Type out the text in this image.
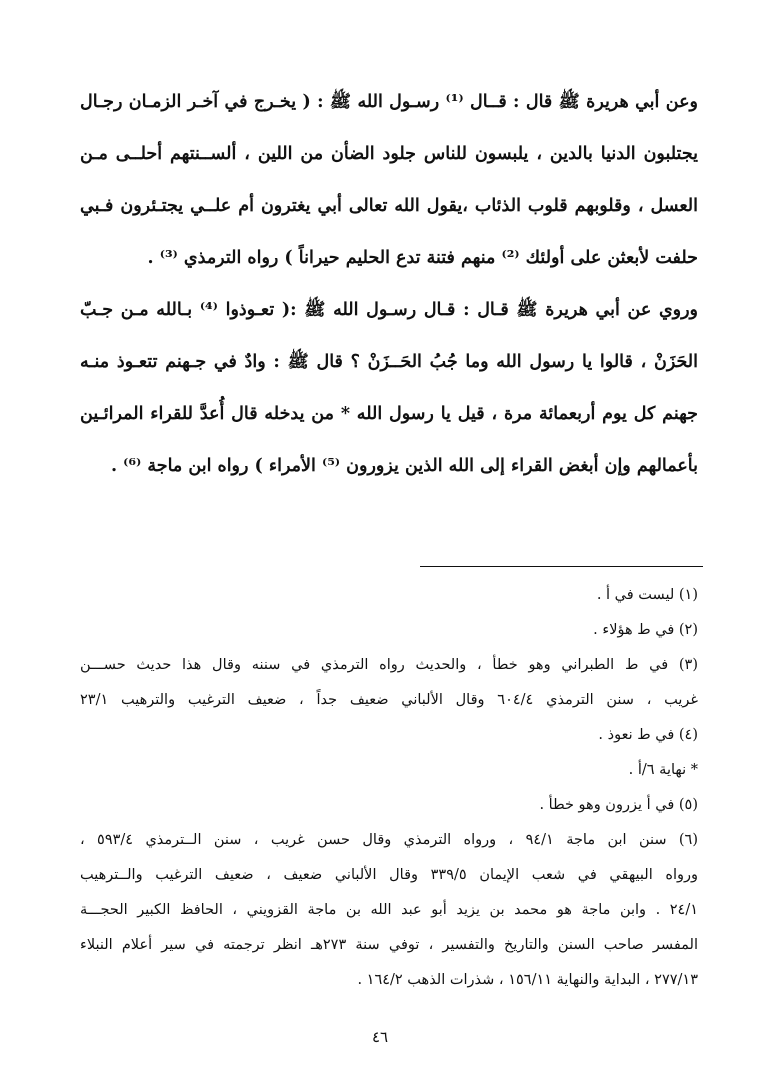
وعن أبي هريرة ﷺ قال : قــال ⁽¹⁾ رسـول الله ﷺ : ( يخـرج في آخـر الزمـان رجـال
يجتلبون الدنيا بالدين ، يلبسون للناس جلود الضأن من اللين ، ألســنتهم أحلــى مـن
العسل ، وقلوبهم قلوب الذئاب ،يقول الله تعالى أبي يغترون أم علــي يجتـئرون فـبي
حلفت لأبعثن على أولئك ⁽²⁾ منهم فتنة تدع الحليم حيراناً ) رواه الترمذي ⁽³⁾ .
وروي عن أبي هريرة ﷺ قـال : قـال رسـول الله ﷺ :( تعـوذوا ⁽⁴⁾ بـالله مـن جـبّ
الحَزَنْ ، قالوا يا رسول الله وما جُبُ الحَــزَنْ ؟ قال ﷺ : وادٌ في جـهنم تتعـوذ منـه
جهنم كل يوم أربعمائة مرة ، قيل يا رسول الله * من يدخله قال أُعدَّ للقراء المرائـين
بأعمالهم وإن أبغض القراء إلى الله الذين يزورون ⁽⁵⁾ الأمراء ) رواه ابن ماجة ⁽⁶⁾ .
(١) ليست في أ .
(٢) في ط هؤلاء .
(٣) في ط الطبراني وهو خطأ ، والحديث رواه الترمذي في سننه وقال هذا حديث حســـن
غريب ، سنن الترمذي ٦٠٤/٤ وقال الألباني ضعيف جداً ، ضعيف الترغيب والترهيب ٢٣/١
(٤) في ط نعوذ .
* نهاية ٦/أ .
(٥) في أ يزرون وهو خطأ .
(٦) سنن ابن ماجة ٩٤/١ ، ورواه الترمذي وقال حسن غريب ، سنن الــترمذي ٥٩٣/٤ ،
ورواه البيهقي في شعب الإيمان ٣٣٩/٥ وقال الألباني ضعيف ، ضعيف الترغيب والــترهيب
٢٤/١ . وابن ماجة هو محمد بن يزيد أبو عبد الله بن ماجة القزويني ، الحافظ الكبير الحجـــة
المفسر صاحب السنن والتاريخ والتفسير ، توفي سنة ٢٧٣هـ انظر ترجمته في سير أعلام النبلاء
٢٧٧/١٣ ، البداية والنهاية ١٥٦/١١ ، شذرات الذهب ١٦٤/٢ .
٤٦
